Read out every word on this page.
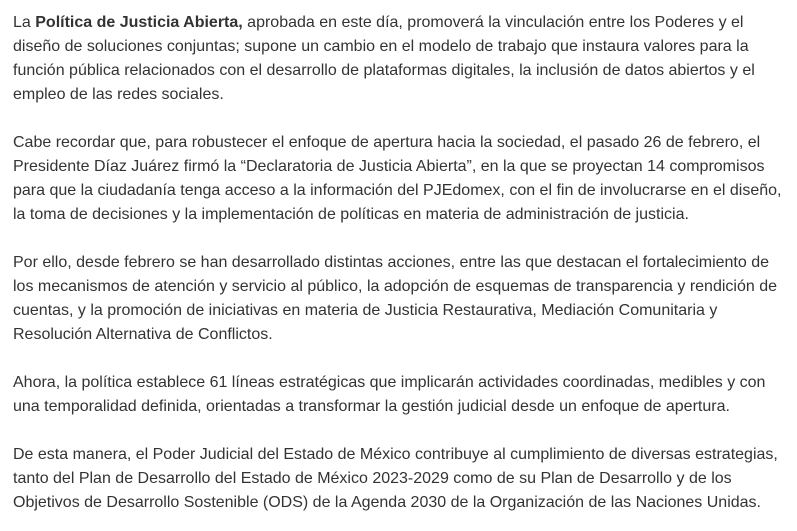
La Política de Justicia Abierta, aprobada en este día, promoverá la vinculación entre los Poderes y el diseño de soluciones conjuntas; supone un cambio en el modelo de trabajo que instaura valores para la función pública relacionados con el desarrollo de plataformas digitales, la inclusión de datos abiertos y el empleo de las redes sociales.

Cabe recordar que, para robustecer el enfoque de apertura hacia la sociedad, el pasado 26 de febrero, el Presidente Díaz Juárez firmó la “Declaratoria de Justicia Abierta”, en la que se proyectan 14 compromisos para que la ciudadanía tenga acceso a la información del PJEdomex, con el fin de involucrarse en el diseño, la toma de decisiones y la implementación de políticas en materia de administración de justicia.

Por ello, desde febrero se han desarrollado distintas acciones, entre las que destacan el fortalecimiento de los mecanismos de atención y servicio al público, la adopción de esquemas de transparencia y rendición de cuentas, y la promoción de iniciativas en materia de Justicia Restaurativa, Mediación Comunitaria y Resolución Alternativa de Conflictos.

Ahora, la política establece 61 líneas estratégicas que implicarán actividades coordinadas, medibles y con una temporalidad definida, orientadas a transformar la gestión judicial desde un enfoque de apertura.

De esta manera, el Poder Judicial del Estado de México contribuye al cumplimiento de diversas estrategias, tanto del Plan de Desarrollo del Estado de México 2023-2029 como de su Plan de Desarrollo y de los Objetivos de Desarrollo Sostenible (ODS) de la Agenda 2030 de la Organización de las Naciones Unidas.
